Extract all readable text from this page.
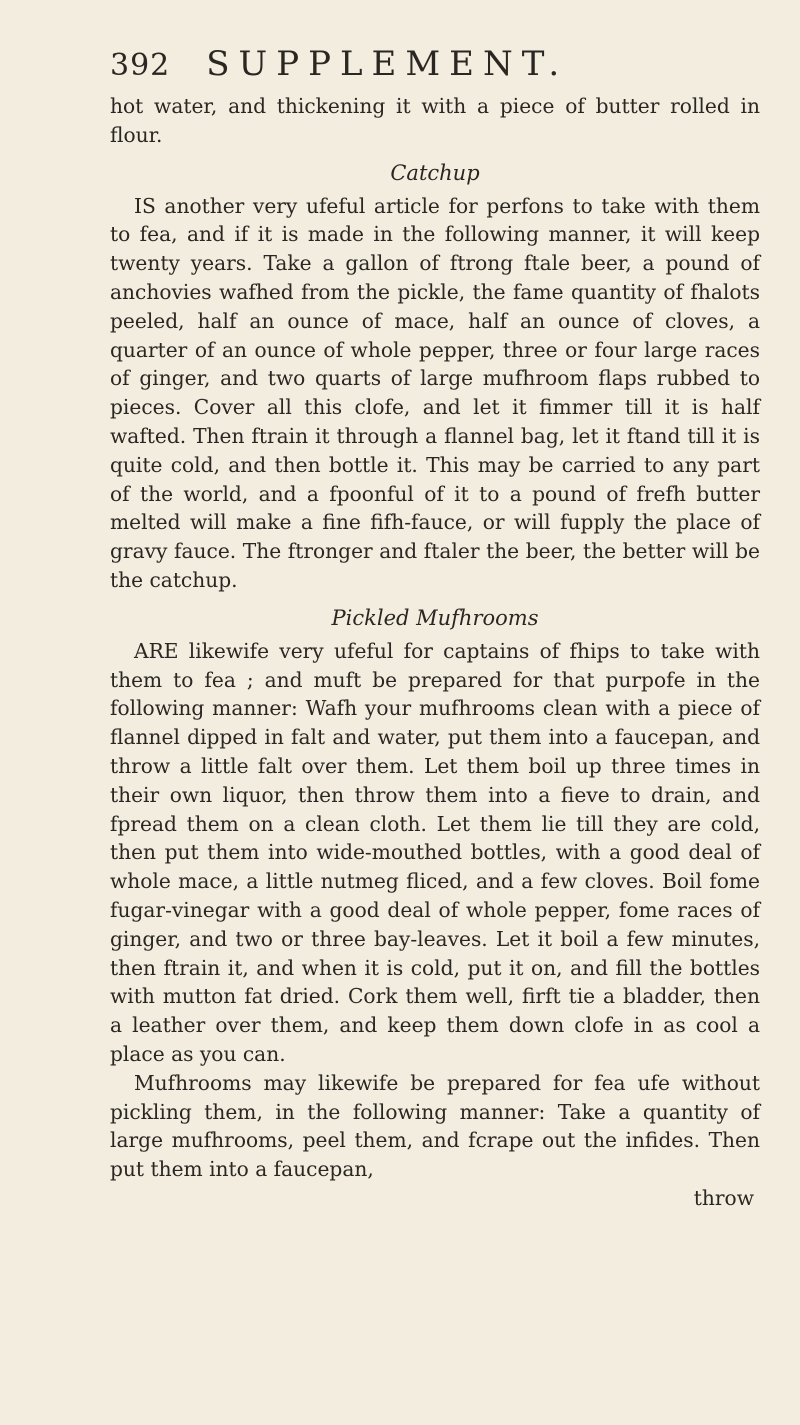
392 SUPPLEMENT.

hot water, and thickening it with a piece of butter rolled in flour.

Catchup

IS another very ufeful article for perfons to take with them to fea, and if it is made in the following manner, it will keep twenty years. Take a gallon of ftrong ftale beer, a pound of anchovies wafhed from the pickle, the fame quantity of fhalots peeled, half an ounce of mace, half an ounce of cloves, a quarter of an ounce of whole pepper, three or four large races of ginger, and two quarts of large mufhroom flaps rubbed to pieces. Cover all this clofe, and let it fimmer till it is half wafted. Then ftrain it through a flannel bag, let it ftand till it is quite cold, and then bottle it. This may be carried to any part of the world, and a fpoonful of it to a pound of frefh butter melted will make a fine fifh-fauce, or will fupply the place of gravy fauce. The ftronger and ftaler the beer, the better will be the catchup.

Pickled Mufhrooms

ARE likewife very ufeful for captains of fhips to take with them to fea ; and muft be prepared for that purpofe in the following manner: Wafh your mufhrooms clean with a piece of flannel dipped in falt and water, put them into a faucepan, and throw a little falt over them. Let them boil up three times in their own liquor, then throw them into a fieve to drain, and fpread them on a clean cloth. Let them lie till they are cold, then put them into wide-mouthed bottles, with a good deal of whole mace, a little nutmeg fliced, and a few cloves. Boil fome fugar-vinegar with a good deal of whole pepper, fome races of ginger, and two or three bay-leaves. Let it boil a few minutes, then ftrain it, and when it is cold, put it on, and fill the bottles with mutton fat dried. Cork them well, firft tie a bladder, then a leather over them, and keep them down clofe in as cool a place as you can.

Mufhrooms may likewife be prepared for fea ufe without pickling them, in the following manner: Take a quantity of large mufhrooms, peel them, and fcrape out the infides. Then put them into a faucepan,

throw
